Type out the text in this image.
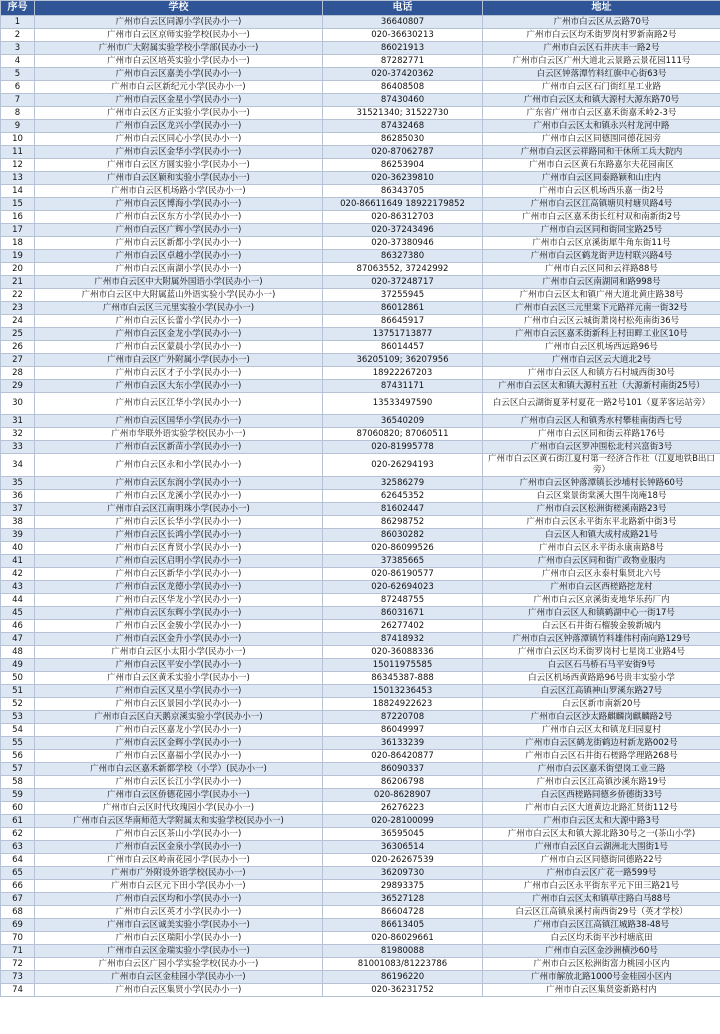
序号	学校	电话	地址
1	广州市白云区同源小学(民办小一)	36640807	广州市白云区从云路70号
2	广州市白云区京师实验学校(民办小一)	020-36630213	广州市白云区均禾街罗岗村罗新南路2号
3	广州市广大附属实验学校小学部(民办小一)	86021913	广州市白云区石井庆丰一路2号
4	广州市白云区培英实验小学(民办小一)	87282771	广州市白云区广州大道北云景路云景花园111号
5	广州市白云区嘉美小学(民办小一)	020-37420362	白云区钟落潭竹料红旗中心街63号
6	广州市白云区新纪元小学(民办小一)	86408508	广州市白云区石门街红星工业路
7	广州市白云区金星小学(民办小一)	87430460	广州市白云区太和镇大源村大源东路70号
8	广州市白云区方正实验小学(民办小一)	31521340; 31522730	广东省广州市白云区嘉禾街嘉禾岭2-3号
9	广州市白云区龙兴小学(民办小一)	87432468	广州市白云区太和镇永兴村龙河中路
10	广州市白云区同心小学(民办小一)	86285030	广州市白云区同德围同德花园旁
11	广州市白云区金华小学(民办小一)	020-87062787	广州市白云区云祥路同和干休所工兵大院内
12	广州市白云区方圆实验小学(民办小一)	86253904	广州市白云区黄石东路嘉尔夫花园南区
13	广州市白云区颖和实验小学(民办小一)	020-36239810	广州市白云区同泰路颖和山庄内
14	广州市白云区机场路小学(民办小一)	86343705	广州市白云区机场西乐嘉一街2号
15	广州市白云区博海小学(民办小一)	020-86611649 18922179852	广州市白云区江高镇塘贝村塘贝路4号
16	广州市白云区东方小学(民办小一)	020-86312703	广州市白云区嘉禾街长红村双和南新街2号
17	广州市白云区广辉小学(民办小一)	020-37243496	广州市白云区同和街同宝路25号
18	广州市白云区新都小学(民办小一)	020-37380946	广州市白云区京溪街犀牛角东街11号
19	广州市白云区卓越小学(民办小一)	86327380	广州市白云区鹤龙街尹边村联兴路4号
20	广州市白云区南湖小学(民办小一)	87063552, 37242992	广州市白云区同和云祥路88号
21	广州市白云区中大附属外国语小学(民办小一)	020-37248717	广州市白云区南湖同和路998号
22	广州市白云区中大附属蓝山外语实验小学(民办小一)	37255945	广州市白云区太和镇广州大道北黄庄路38号
23	广州市白云区三元里实验小学(民办小一)	86012861	广州市白云区三元里棠下元路祥元南一街32号
24	广州市白云区长蕾小学(民办小一)	86645917	广州市白云区云城街萧岗村松苑南街36号
25	广州市白云区金龙小学(民办小一)	13751713877	广州市白云区嘉禾街新科上村田畔工业区10号
26	广州市白云区蒙晨小学(民办小一)	86014457	广州市白云区机场西远路96号
27	广州市白云区广外附属小学(民办小一)	36205109; 36207956	广州市白云区云大道北2号
28	广州市白云区才子小学(民办小一)	18922267203	广州市白云区人和镇方石村城西街30号
29	广州市白云区大东小学(民办小一)	87431171	广州市白云区太和镇大源村五社（大源新村南街25号）
30	广州市白云区江华小学(民办小一)	13533497590	白云区白云湖街夏茅村夏花一路2号101（夏茅客运站旁）
31	广州市白云区国华小学(民办小一)	36540209	广州市白云区人和镇秀水村攀桂南街西七号
32	广州市华联外语实验学校(民办小一)	87060820; 87060511	广州市白云区同和街云祥路176号
33	广州市白云区新苗小学(民办小一)	020-81995778	广州市白云区罗冲围松北村兴富街3号
34	广州市白云区永和小学(民办小一)	020-26294193	广州市白云区黄石街江夏村第一经济合作社（江夏地铁B出口旁）
35	广州市白云区东润小学(民办小一)	32586279	广州市白云区钟落潭镇长沙埔村长钟路60号
36	广州市白云区龙溪小学(民办小一)	62645352	白云区棠景街棠溪大围牛岗庵18号
37	广州市白云区江南明珠小学(民办小一)	81602447	广州市白云区松洲街槎溪南路23号
38	广州市白云区长华小学(民办小一)	86298752	广州市白云区永平街东平北路新中街3号
39	广州市白云区长鸿小学(民办小一)	86030282	白云区人和镇大成村成路21号
40	广州市白云区育贤小学(民办小一)	020-86099526	广州市白云区永平街永康南路8号
41	广州市白云区启明小学(民办小一)	37385665	广州市白云区同和街广政物业服内
42	广州市白云区新华小学(民办小一)	020-86190577	广州市白云区永泰村集贤北六号
43	广州市白云区龙德小学(民办小一)	020-62694023	广州市白云区西槎路挖龙村
44	广州市白云区华龙小学(民办小一)	87248755	广州市白云区京溪街麦地华乐药厂内
45	广州市白云区东辉小学(民办小一)	86031671	广州市白云区人和镇鹤湖中心一街17号
46	广州市白云区金骏小学(民办小一)	26277402	白云区石井街石榴骏金骏新城内
47	广州市白云区金升小学(民办小一)	87418932	广州市白云区钟落潭镇竹料雄伟村南向路129号
48	广州市白云区小太阳小学(民办小一)	020-36088336	广州市白云区均禾街罗岗村七星岗工业路4号
49	广州市白云区平安小学(民办小一)	15011975585	白云区石马桥石马平安街9号
50	广州市白云区黄禾实验小学(民办小一)	86345387-888	白云区机场西黄路路96号贵丰实验小学
51	广州市白云区又星小学(民办小一)	15013236453	白云区江高镇神山罗溪东路27号
52	广州市白云区景园小学(民办小一)	18824922623	白云区新市南新20号
53	广州市白云区白天鹅京溪实验小学(民办小一)	87220708	广州市白云区沙太路麒麟岗麒麟路2号
54	广州市白云区嘉龙小学(民办小一)	86049997	广州市白云区太和镇龙归园夏村
55	广州市白云区金辉小学(民办小一)	36133239	广州市白云区鹤龙街鹤边村新龙路002号
56	广州市白云区嘉福小学(民办小一)	020-86420877	广州市白云区石井街石槎路学理路268号
57	广州市白云区嘉禾新都学校（小学）(民办小一)	86090337	广州市白云区嘉禾街望岗工业三路
58	广州市白云区长江小学(民办小一)	86206798	广州市白云区江高镇沙溪东路19号
59	广州市白云区侨德花园小学(民办小一)	020-8628907	白云区西槎路同德乡侨德街33号
60	广州市白云区时代玫瑰园小学(民办小一)	26276223	广州市白云区大道黄边北路汇贤街112号
61	广州市白云区华南师范大学附属太和实验学校(民办小一)	020-28100099	广州市白云区太和大源中路3号
62	广州市白云区茶山小学(民办小一)	36595045	广州市白云区太和镇大源北路30号之一(茶山小学)
63	广州市白云区金泉小学(民办小一)	36306514	广州市白云区白云湖洲北大围街1号
64	广州市白云区岭南花园小学(民办小一)	020-26267539	广州市白云区同德街同德路22号
65	广州市广外附设外语学校(民办小一)	36209730	广州市白云区广花一路599号
66	广州市白云区元下田小学(民办小一)	29893375	广州市白云区永平街东平元下田三路21号
67	广州市白云区均和小学(民办小一)	36527128	广州市白云区太和镇草庄路白马88号
68	广州市白云区英才小学(民办小一)	86604728	白云区江高镇泉溪村南西街29号（英才学校）
69	广州市白云区诚美实验小学(民办小一)	86613405	广州市白云区江高镇江城路38-48号
70	广州市白云区瑞阳小学(民办小一)	020-86029661	白云区均禾街平沙村塘底田
71	广州市白云区金瑞实验小学(民办小一)	81980088	广州市白云区金沙洲横沙60号
72	广州市白云区广园小学实验学校(民办小一)	81001083/81223786	广州市白云区松洲街富力桃园小区内
73	广州市白云区金桂园小学(民办小一)	86196220	广州市解放北路1000号金桂园小区内
74	广州市白云区集贤小学(民办小一)	020-36231752	广州市白云区集贤姿新路村内
